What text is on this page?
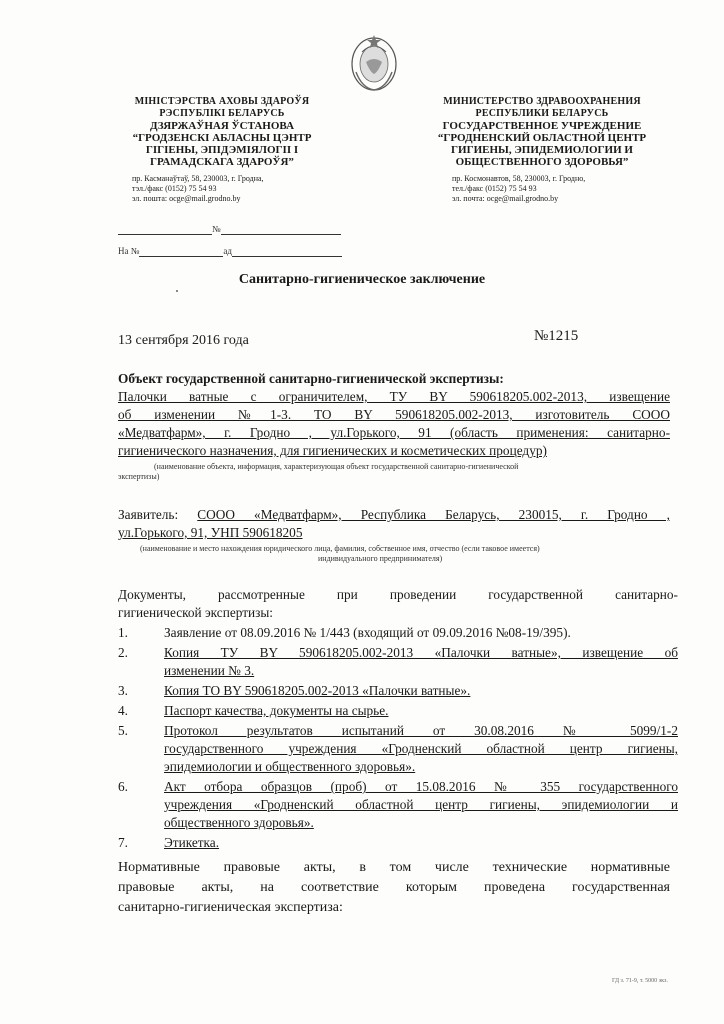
МІНІСТЭРСТВА АХОВЫ ЗДАРОЎЯ
РЭСПУБЛІКІ БЕЛАРУСЬ
ДЗЯРЖАЎНАЯ ЎСТАНОВА
“ГРОДЗЕНСКІ АБЛАСНЫ ЦЭНТР
ГІГІЕНЫ, ЭПІДЭМІЯЛОГІІ І
ГРАМАДСКАГА ЗДАРОЎЯ”
пр. Касманаўтаў, 58, 230003, г. Гродна,
тэл./факс (0152) 75 54 93
эл. пошта: ocge@mail.grodno.by
МИНИСТЕРСТВО ЗДРАВООХРАНЕНИЯ
РЕСПУБЛИКИ БЕЛАРУСЬ
ГОСУДАРСТВЕННОЕ УЧРЕЖДЕНИЕ
“ГРОДНЕНСКИЙ ОБЛАСТНОЙ ЦЕНТР
ГИГИЕНЫ, ЭПИДЕМИОЛОГИИ И
ОБЩЕСТВЕННОГО ЗДОРОВЬЯ”
пр. Космонавтов, 58, 230003, г. Гродно,
тел./факс (0152) 75 54 93
эл. почта: ocge@mail.grodno.by
№
На №	ад
Санитарно-гигиеническое заключение
13 сентября 2016 года	№1215
Объект государственной санитарно-гигиенической экспертизы:
Палочки ватные с ограничителем, ТУ BY 590618205.002-2013, извещение
об изменении №1-3. ТО BY 590618205.002-2013, изготовитель СООО
«Медватфарм», г. Гродно , ул.Горького, 91 (область применения: санитарно-
гигиенического назначения, для гигиенических и косметических процедур)
(наименование объекта, информация, характеризующая объект государственной санитарно-гигиенической
экспертизы)
Заявитель: СООО «Медватфарм», Республика Беларусь, 230015, г. Гродно ,
ул.Горького, 91, УНП 590618205
(наименование и место нахождения юридического лица, фамилия, собственное имя, отчество (если таковое имеется)
индивидуального предпринимателя)
Документы, рассмотренные при проведении государственной санитарно-
гигиенической экспертизы:
1.	Заявление от 08.09.2016 № 1/443 (входящий от 09.09.2016 №08-19/395).
2.	Копия ТУ BY 590618205.002-2013 «Палочки ватные», извещение об
изменении № 3.
3.	Копия ТО BY 590618205.002-2013 «Палочки ватные».
4.	Паспорт качества, документы на сырье.
5.	Протокол результатов испытаний от 30.08.2016 № 5099/1-2
государственного учреждения «Гродненский областной центр гигиены,
эпидемиологии и общественного здоровья».
6.	Акт отбора образцов (проб) от 15.08.2016 № 355 государственного
учреждения «Гродненский областной центр гигиены, эпидемиологии и
общественного здоровья».
7.	Этикетка.
Нормативные правовые акты, в том числе технические нормативные
правовые акты, на соответствие которым проведена государственная
санитарно-гигиеническая экспертиза:
ГД з. 71-9, т. 5000 экз.
